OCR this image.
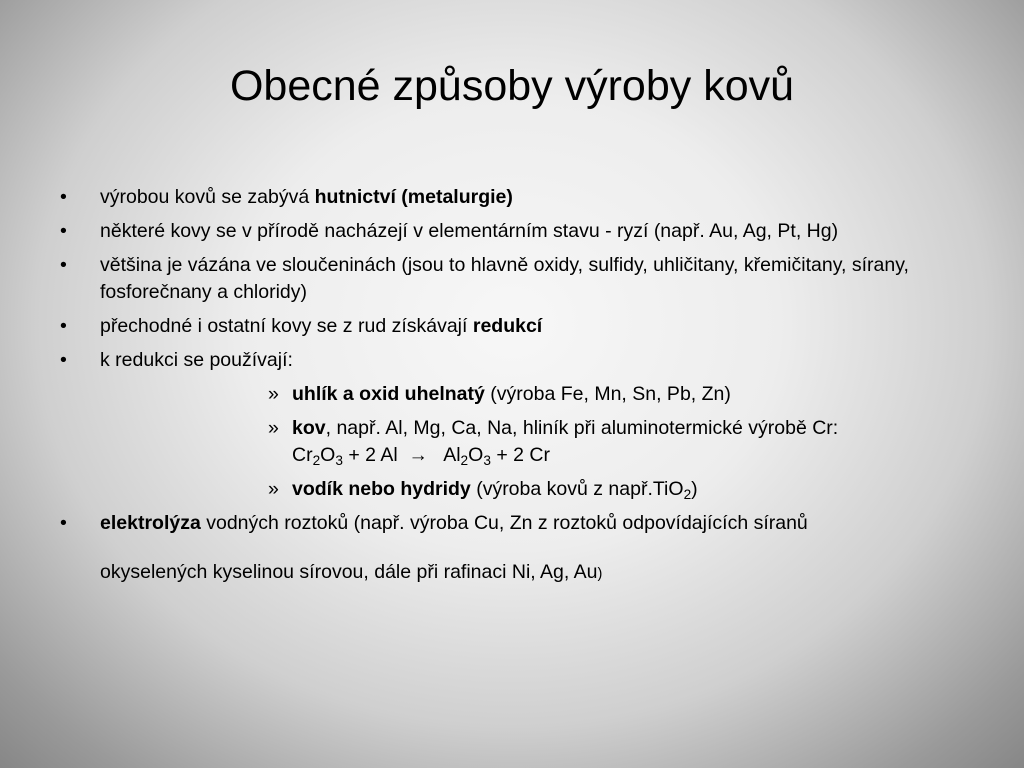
Obecné způsoby výroby kovů
• výrobou kovů se zabývá hutnictví (metalurgie)
• některé kovy se v přírodě nacházejí v elementárním stavu - ryzí (např. Au, Ag, Pt, Hg)
• většina je vázána ve sloučeninách (jsou to hlavně oxidy, sulfidy, uhličitany, křemičitany, sírany, fosforečnany a chloridy)
• přechodné i ostatní kovy se z rud získávají redukcí
• k redukci se používají:
» uhlík a oxid uhelnatý (výroba Fe, Mn, Sn, Pb, Zn)
» kov, např. Al, Mg, Ca, Na, hliník při aluminotermické výrobě Cr:
$Cr_2O_3 + 2$ $Al \to Al_2O_3 + 2$ Cr
» vodík nebo hydridy (výroba kovů z např.TiO$_2$)
• elektrolýza vodných roztoků (např. výroba Cu, Zn z roztoků odpovídajících síranů
okyselených kyselinou sírovou, dále při rafinaci Ni, Ag, Au)
